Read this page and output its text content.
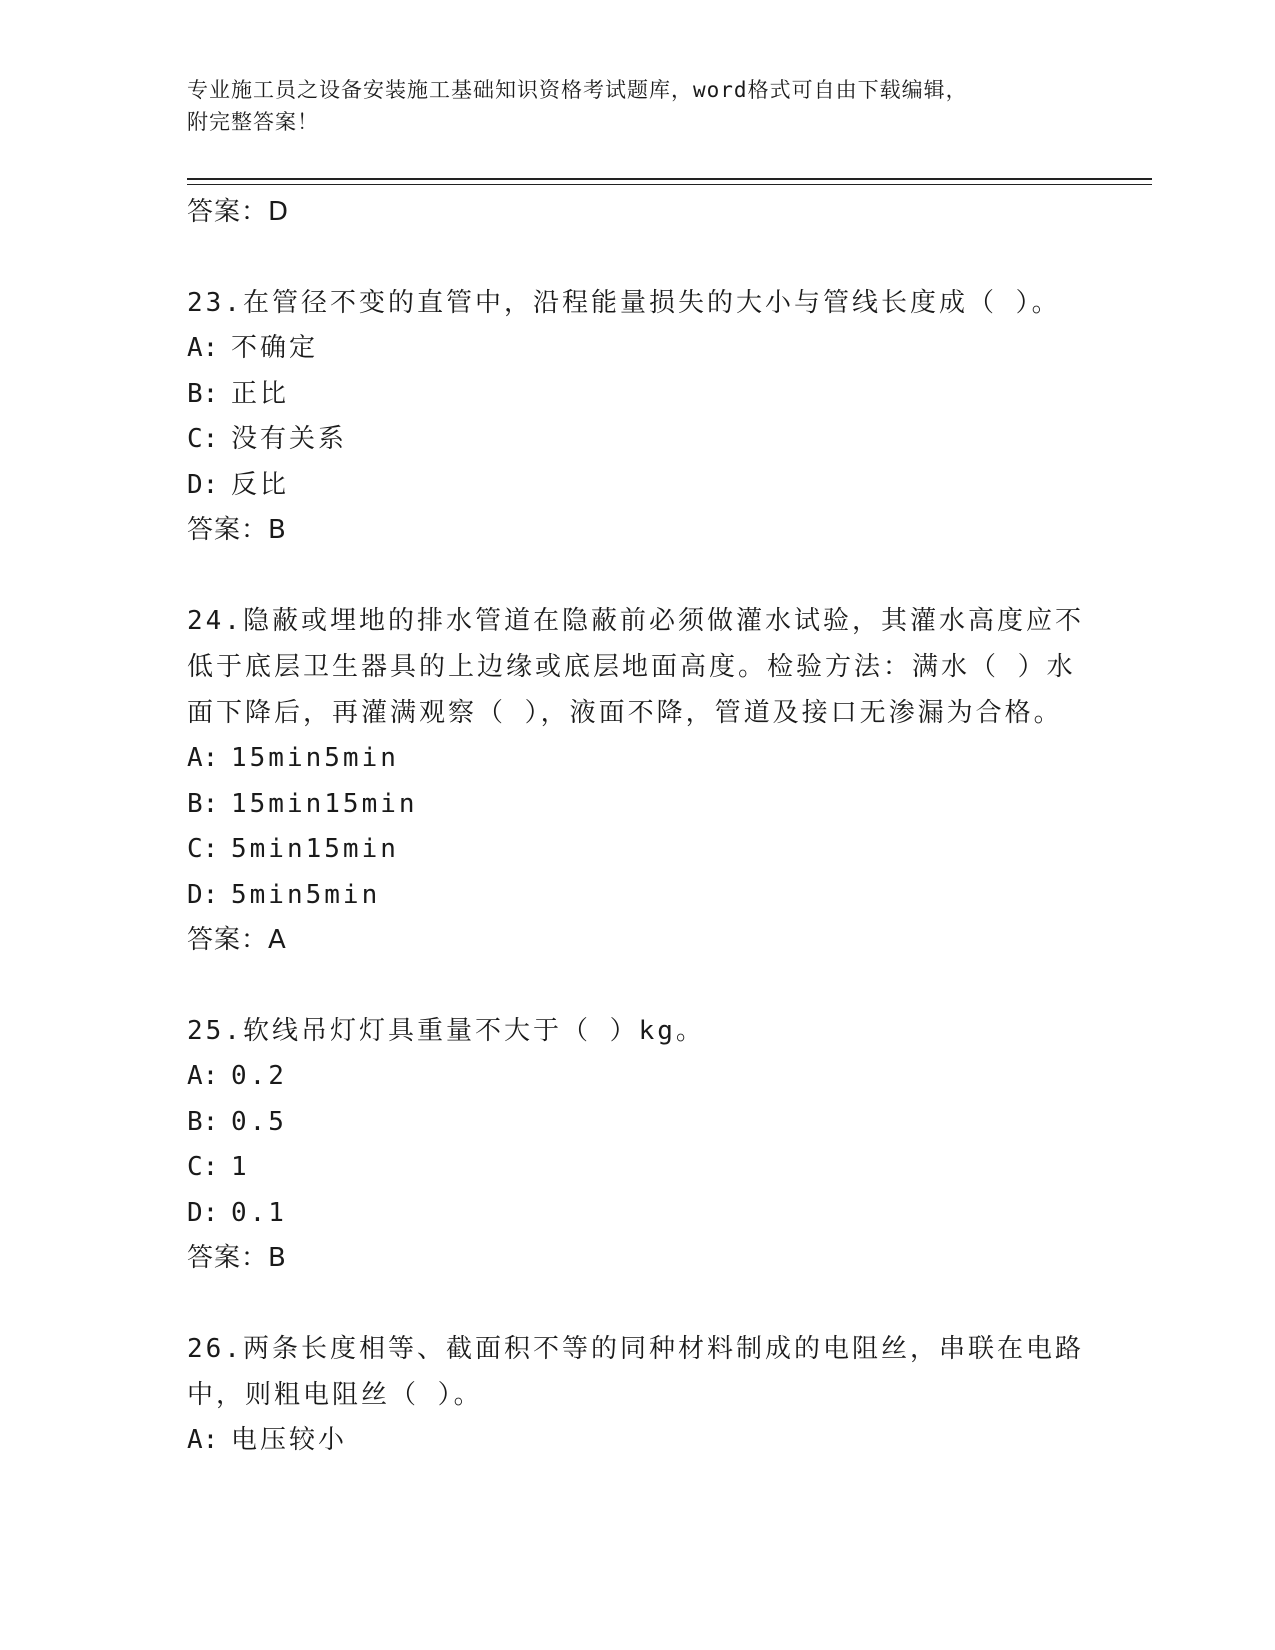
专业施工员之设备安装施工基础知识资格考试题库，word格式可自由下载编辑，
附完整答案！
答案：D
23.在管径不变的直管中，沿程能量损失的大小与管线长度成（ ）。
A: 不确定
B: 正比
C: 没有关系
D: 反比
答案：B
24.隐蔽或埋地的排水管道在隐蔽前必须做灌水试验，其灌水高度应不低于底层卫生器具的上边缘或底层地面高度。检验方法：满水（ ）水面下降后，再灌满观察（ ），液面不降，管道及接口无渗漏为合格。
A: 15min5min
B: 15min15min
C: 5min15min
D: 5min5min
答案：A
25.软线吊灯灯具重量不大于（ ）kg。
A: 0.2
B: 0.5
C: 1
D: 0.1
答案：B
26.两条长度相等、截面积不等的同种材料制成的电阻丝，串联在电路中，则粗电阻丝（ ）。
A: 电压较小
